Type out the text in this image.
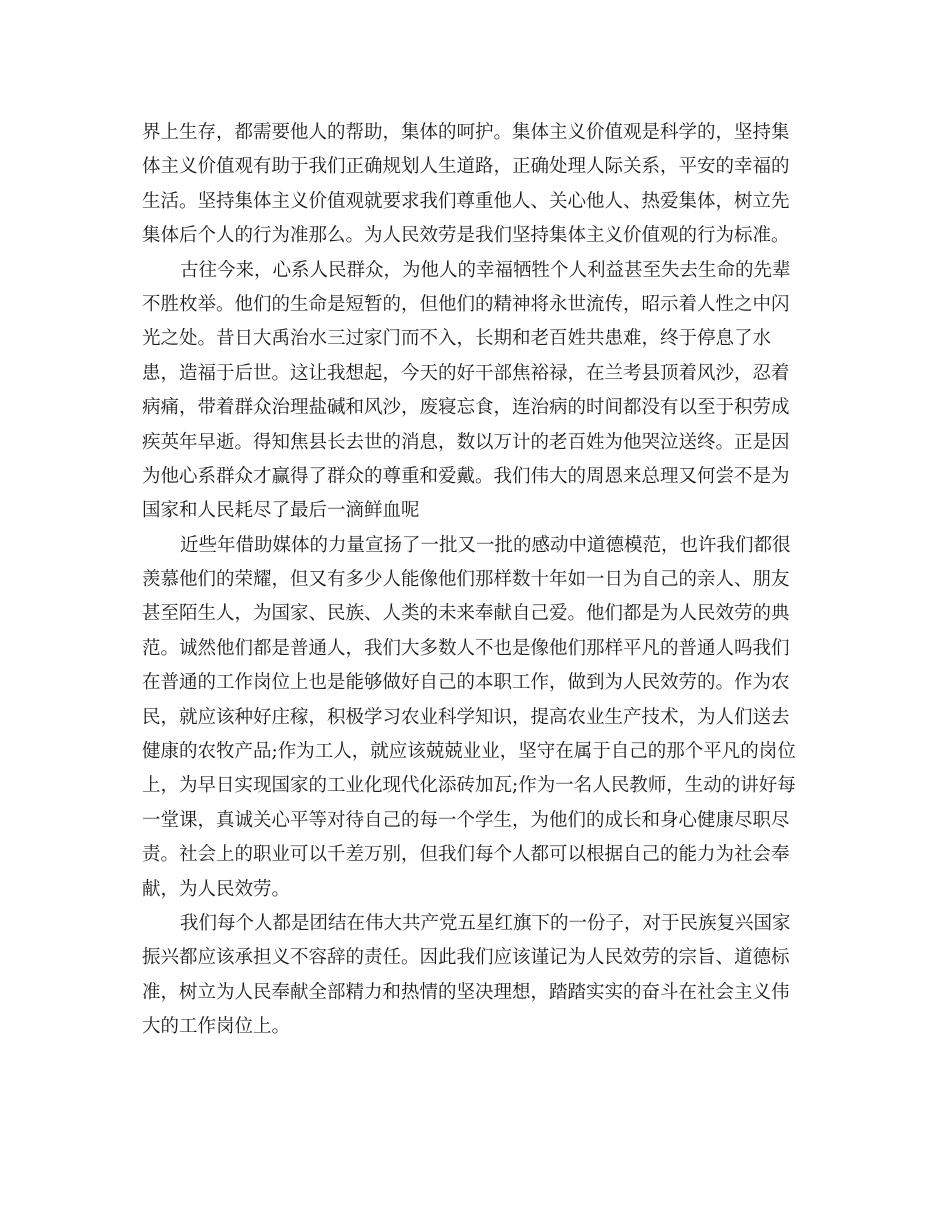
界上生存，都需要他人的帮助，集体的呵护。集体主义价值观是科学的，坚持集
体主义价值观有助于我们正确规划人生道路，正确处理人际关系，平安的幸福的
生活。坚持集体主义价值观就要求我们尊重他人、关心他人、热爱集体，树立先
集体后个人的行为准那么。为人民效劳是我们坚持集体主义价值观的行为标准。
古往今来，心系人民群众，为他人的幸福牺牲个人利益甚至失去生命的先辈
不胜枚举。他们的生命是短暂的，但他们的精神将永世流传，昭示着人性之中闪
光之处。昔日大禹治水三过家门而不入，长期和老百姓共患难，终于停息了水
患，造福于后世。这让我想起，今天的好干部焦裕禄，在兰考县顶着风沙，忍着
病痛，带着群众治理盐碱和风沙，废寝忘食，连治病的时间都没有以至于积劳成
疾英年早逝。得知焦县长去世的消息，数以万计的老百姓为他哭泣送终。正是因
为他心系群众才赢得了群众的尊重和爱戴。我们伟大的周恩来总理又何尝不是为
国家和人民耗尽了最后一滴鲜血呢
近些年借助媒体的力量宣扬了一批又一批的感动中道德模范，也许我们都很
羡慕他们的荣耀，但又有多少人能像他们那样数十年如一日为自己的亲人、朋友
甚至陌生人，为国家、民族、人类的未来奉献自己爱。他们都是为人民效劳的典
范。诚然他们都是普通人，我们大多数人不也是像他们那样平凡的普通人吗我们
在普通的工作岗位上也是能够做好自己的本职工作，做到为人民效劳的。作为农
民，就应该种好庄稼，积极学习农业科学知识，提高农业生产技术，为人们送去
健康的农牧产品;作为工人，就应该兢兢业业，坚守在属于自己的那个平凡的岗位
上，为早日实现国家的工业化现代化添砖加瓦;作为一名人民教师，生动的讲好每
一堂课，真诚关心平等对待自己的每一个学生，为他们的成长和身心健康尽职尽
责。社会上的职业可以千差万别，但我们每个人都可以根据自己的能力为社会奉
献，为人民效劳。
我们每个人都是团结在伟大共产党五星红旗下的一份子，对于民族复兴国家
振兴都应该承担义不容辞的责任。因此我们应该谨记为人民效劳的宗旨、道德标
准，树立为人民奉献全部精力和热情的坚决理想，踏踏实实的奋斗在社会主义伟
大的工作岗位上。
